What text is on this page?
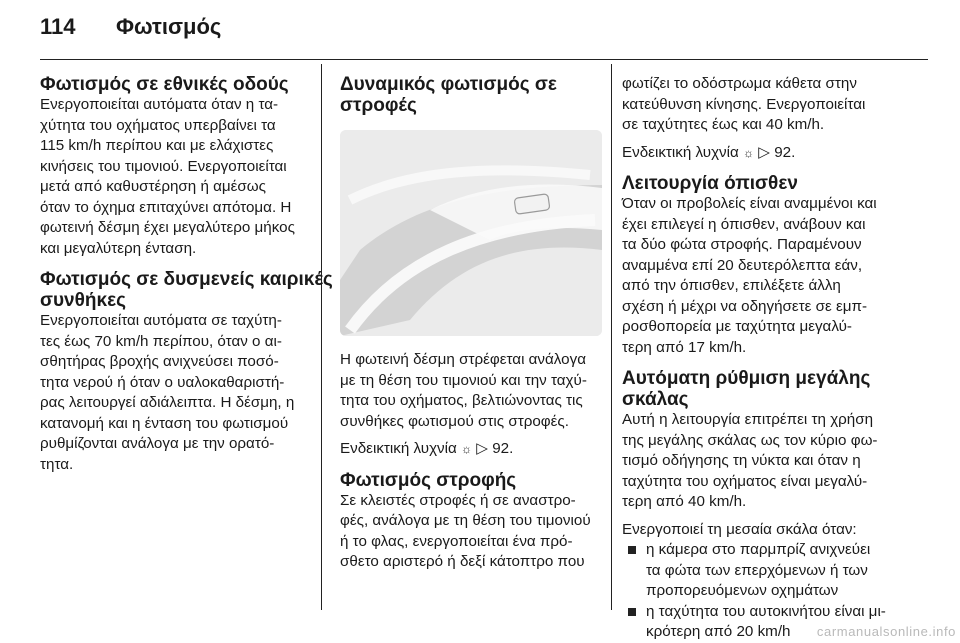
114 Φωτισμός
Φωτισμός σε εθνικές οδούς
Ενεργοποιείται αυτόματα όταν η τα-
χύτητα του οχήματος υπερβαίνει τα
115 km/h περίπου και με ελάχιστες
κινήσεις του τιμονιού. Ενεργοποιείται
μετά από καθυστέρηση ή αμέσως
όταν το όχημα επιταχύνει απότομα. Η
φωτεινή δέσμη έχει μεγαλύτερο μήκος
και μεγαλύτερη ένταση.
Φωτισμός σε δυσμενείς καιρικές
συνθήκες
Ενεργοποιείται αυτόματα σε ταχύτη-
τες έως 70 km/h περίπου, όταν ο αι-
σθητήρας βροχής ανιχνεύσει ποσό-
τητα νερού ή όταν ο υαλοκαθαριστή-
ρας λειτουργεί αδιάλειπτα. Η δέσμη, η
κατανομή και η ένταση του φωτισμού
ρυθμίζονται ανάλογα με την ορατό-
τητα.
Δυναμικός φωτισμός σε
στροφές
Η φωτεινή δέσμη στρέφεται ανάλογα
με τη θέση του τιμονιού και την ταχύ-
τητα του οχήματος, βελτιώνοντας τις
συνθήκες φωτισμού στις στροφές.
Ενδεικτική λυχνία ☼ ▷ 92.
Φωτισμός στροφής
Σε κλειστές στροφές ή σε αναστρο-
φές, ανάλογα με τη θέση του τιμονιού
ή το φλας, ενεργοποιείται ένα πρό-
σθετο αριστερό ή δεξί κάτοπτρο που
φωτίζει το οδόστρωμα κάθετα στην
κατεύθυνση κίνησης. Ενεργοποιείται
σε ταχύτητες έως και 40 km/h.
Ενδεικτική λυχνία ☼ ▷ 92.
Λειτουργία όπισθεν
Όταν οι προβολείς είναι αναμμένοι και
έχει επιλεγεί η όπισθεν, ανάβουν και
τα δύο φώτα στροφής. Παραμένουν
αναμμένα επί 20 δευτερόλεπτα εάν,
από την όπισθεν, επιλέξετε άλλη
σχέση ή μέχρι να οδηγήσετε σε εμπ-
ροσθοπορεία με ταχύτητα μεγαλύ-
τερη από 17 km/h.
Αυτόματη ρύθμιση μεγάλης
σκάλας
Αυτή η λειτουργία επιτρέπει τη χρήση
της μεγάλης σκάλας ως τον κύριο φω-
τισμό οδήγησης τη νύκτα και όταν η
ταχύτητα του οχήματος είναι μεγαλύ-
τερη από 40 km/h.
Ενεργοποιεί τη μεσαία σκάλα όταν:
η κάμερα στο παρμπρίζ ανιχνεύει
τα φώτα των επερχόμενων ή των
προπορευόμενων οχημάτων
η ταχύτητα του αυτοκινήτου είναι μι-
κρότερη από 20 km/h	carmanualsonline.info
